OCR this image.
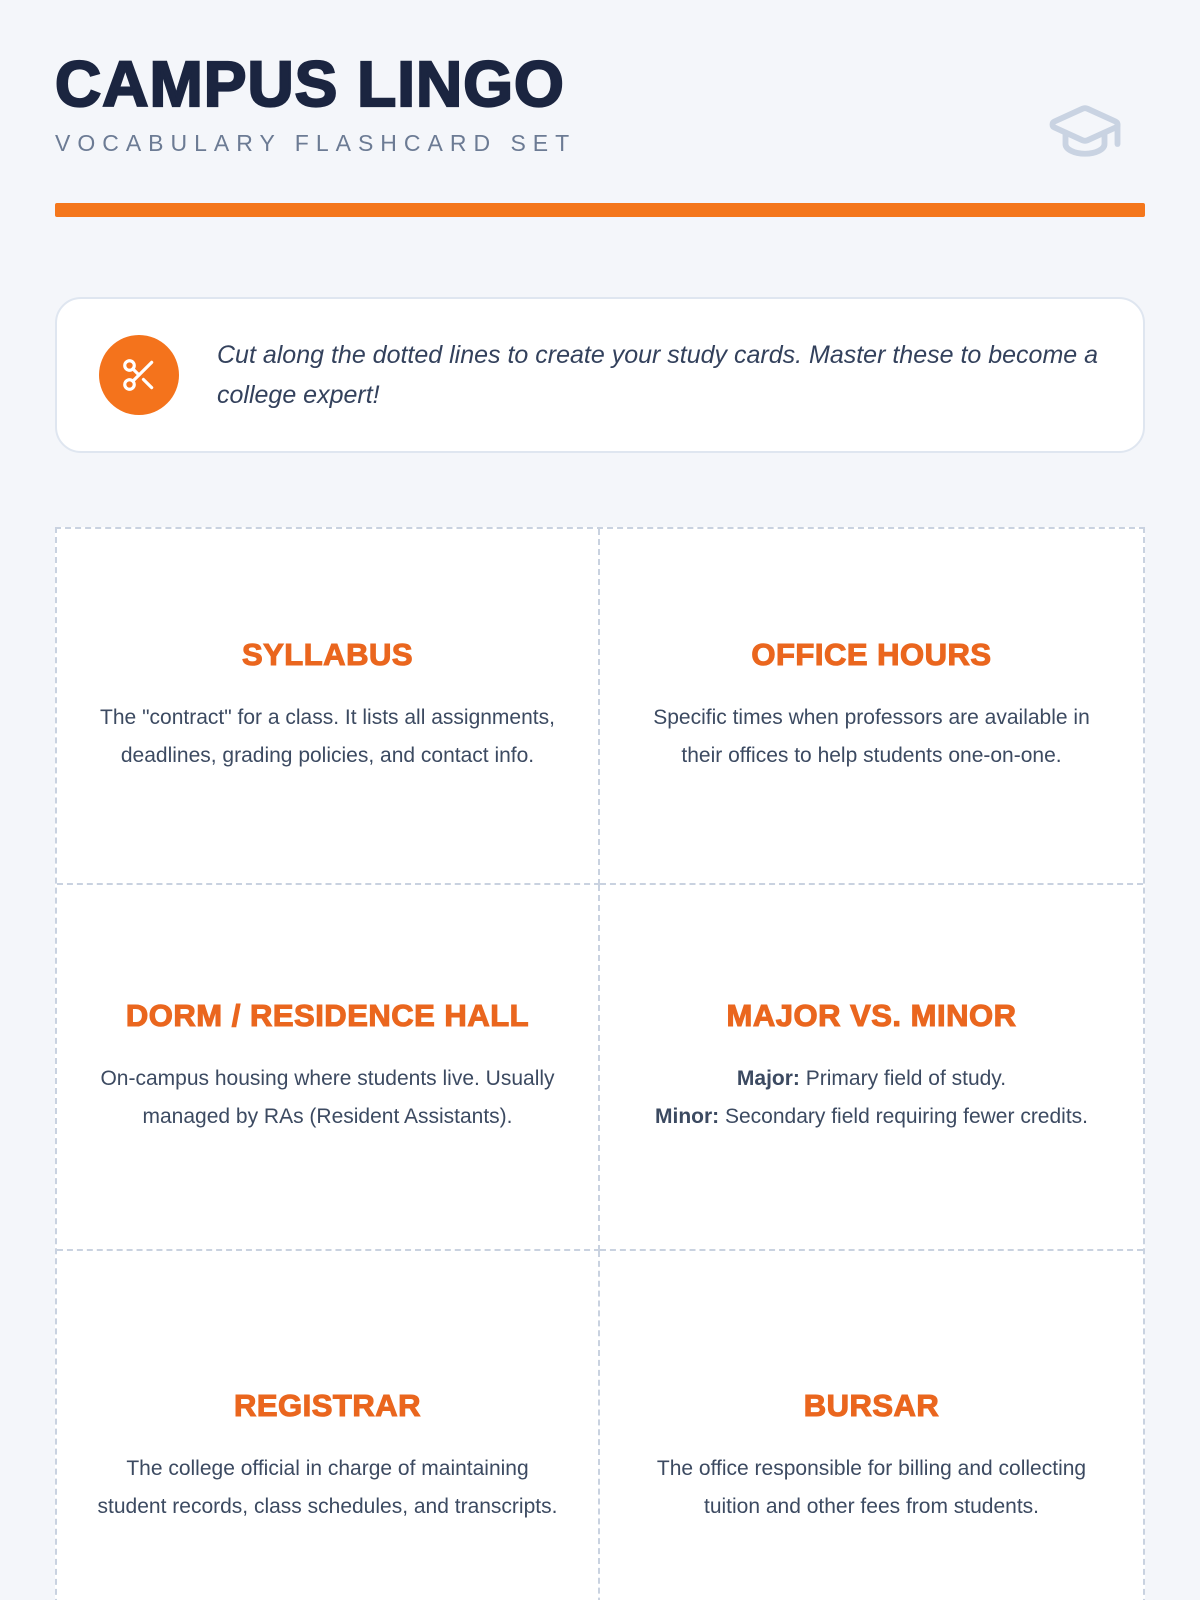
CAMPUS LINGO
VOCABULARY FLASHCARD SET
Cut along the dotted lines to create your study cards. Master these to become a college expert!
SYLLABUS
The "contract" for a class. It lists all assignments, deadlines, grading policies, and contact info.
OFFICE HOURS
Specific times when professors are available in their offices to help students one-on-one.
DORM / RESIDENCE HALL
On-campus housing where students live. Usually managed by RAs (Resident Assistants).
MAJOR VS. MINOR
Major: Primary field of study.
Minor: Secondary field requiring fewer credits.
REGISTRAR
The college official in charge of maintaining student records, class schedules, and transcripts.
BURSAR
The office responsible for billing and collecting tuition and other fees from students.
